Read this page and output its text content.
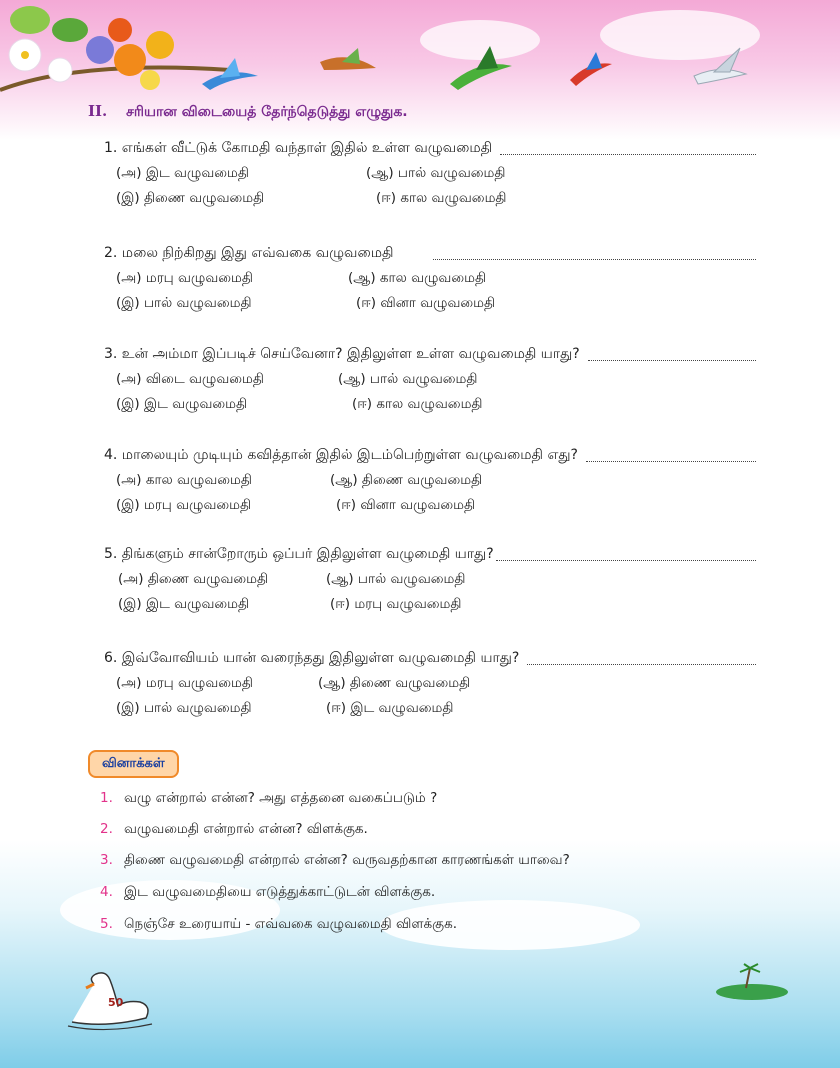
II. சரியான விடையைத் தேர்ந்தெடுத்து எழுதுக.
1. எங்கள் வீட்டுக் கோமதி வந்தாள் இதில் உள்ள வழுவமைதி
(அ) இட வழுவமைதி	(ஆ) பால் வழுவமைதி
(இ) திணை வழுவமைதி	(ஈ) கால வழுவமைதி
2. மலை நிற்கிறது இது எவ்வகை வழுவமைதி
(அ) மரபு வழுவமைதி	(ஆ) கால வழுவமைதி
(இ) பால் வழுவமைதி	(ஈ) வினா வழுவமைதி
3. உன் அம்மா இப்படிச் செய்வேனா? இதிலுள்ள உள்ள வழுவமைதி யாது?
(அ) விடை வழுவமைதி	(ஆ) பால் வழுவமைதி
(இ) இட வழுவமைதி	(ஈ) கால வழுவமைதி
4. மாலையும் முடியும் கவித்தான் இதில் இடம்பெற்றுள்ள வழுவமைதி எது?
(அ) கால வழுவமைதி	(ஆ) திணை வழுவமைதி
(இ) மரபு வழுவமைதி	(ஈ) வினா வழுவமைதி
5. திங்களும் சான்றோரும் ஒப்பர் இதிலுள்ள வழுமைதி யாது?
(அ) திணை வழுவமைதி	(ஆ) பால் வழுவமைதி
(இ) இட வழுவமைதி	(ஈ) மரபு வழுவமைதி
6. இவ்வோவியம் யான் வரைந்தது இதிலுள்ள வழுவமைதி யாது?
(அ) மரபு வழுவமைதி	(ஆ) திணை வழுவமைதி
(இ) பால் வழுவமைதி	(ஈ) இட வழுவமைதி
வினாக்கள்
1. வழு என்றால் என்ன? அது எத்தனை வகைப்படும் ?
2. வழுவமைதி என்றால் என்ன? விளக்குக.
3. திணை வழுவமைதி என்றால் என்ன? வருவதற்கான காரணங்கள் யாவை?
4. இட வழுவமைதியை எடுத்துக்காட்டுடன் விளக்குக.
5. நெஞ்சே உரையாய் - எவ்வகை வழுவமைதி விளக்குக.
50
